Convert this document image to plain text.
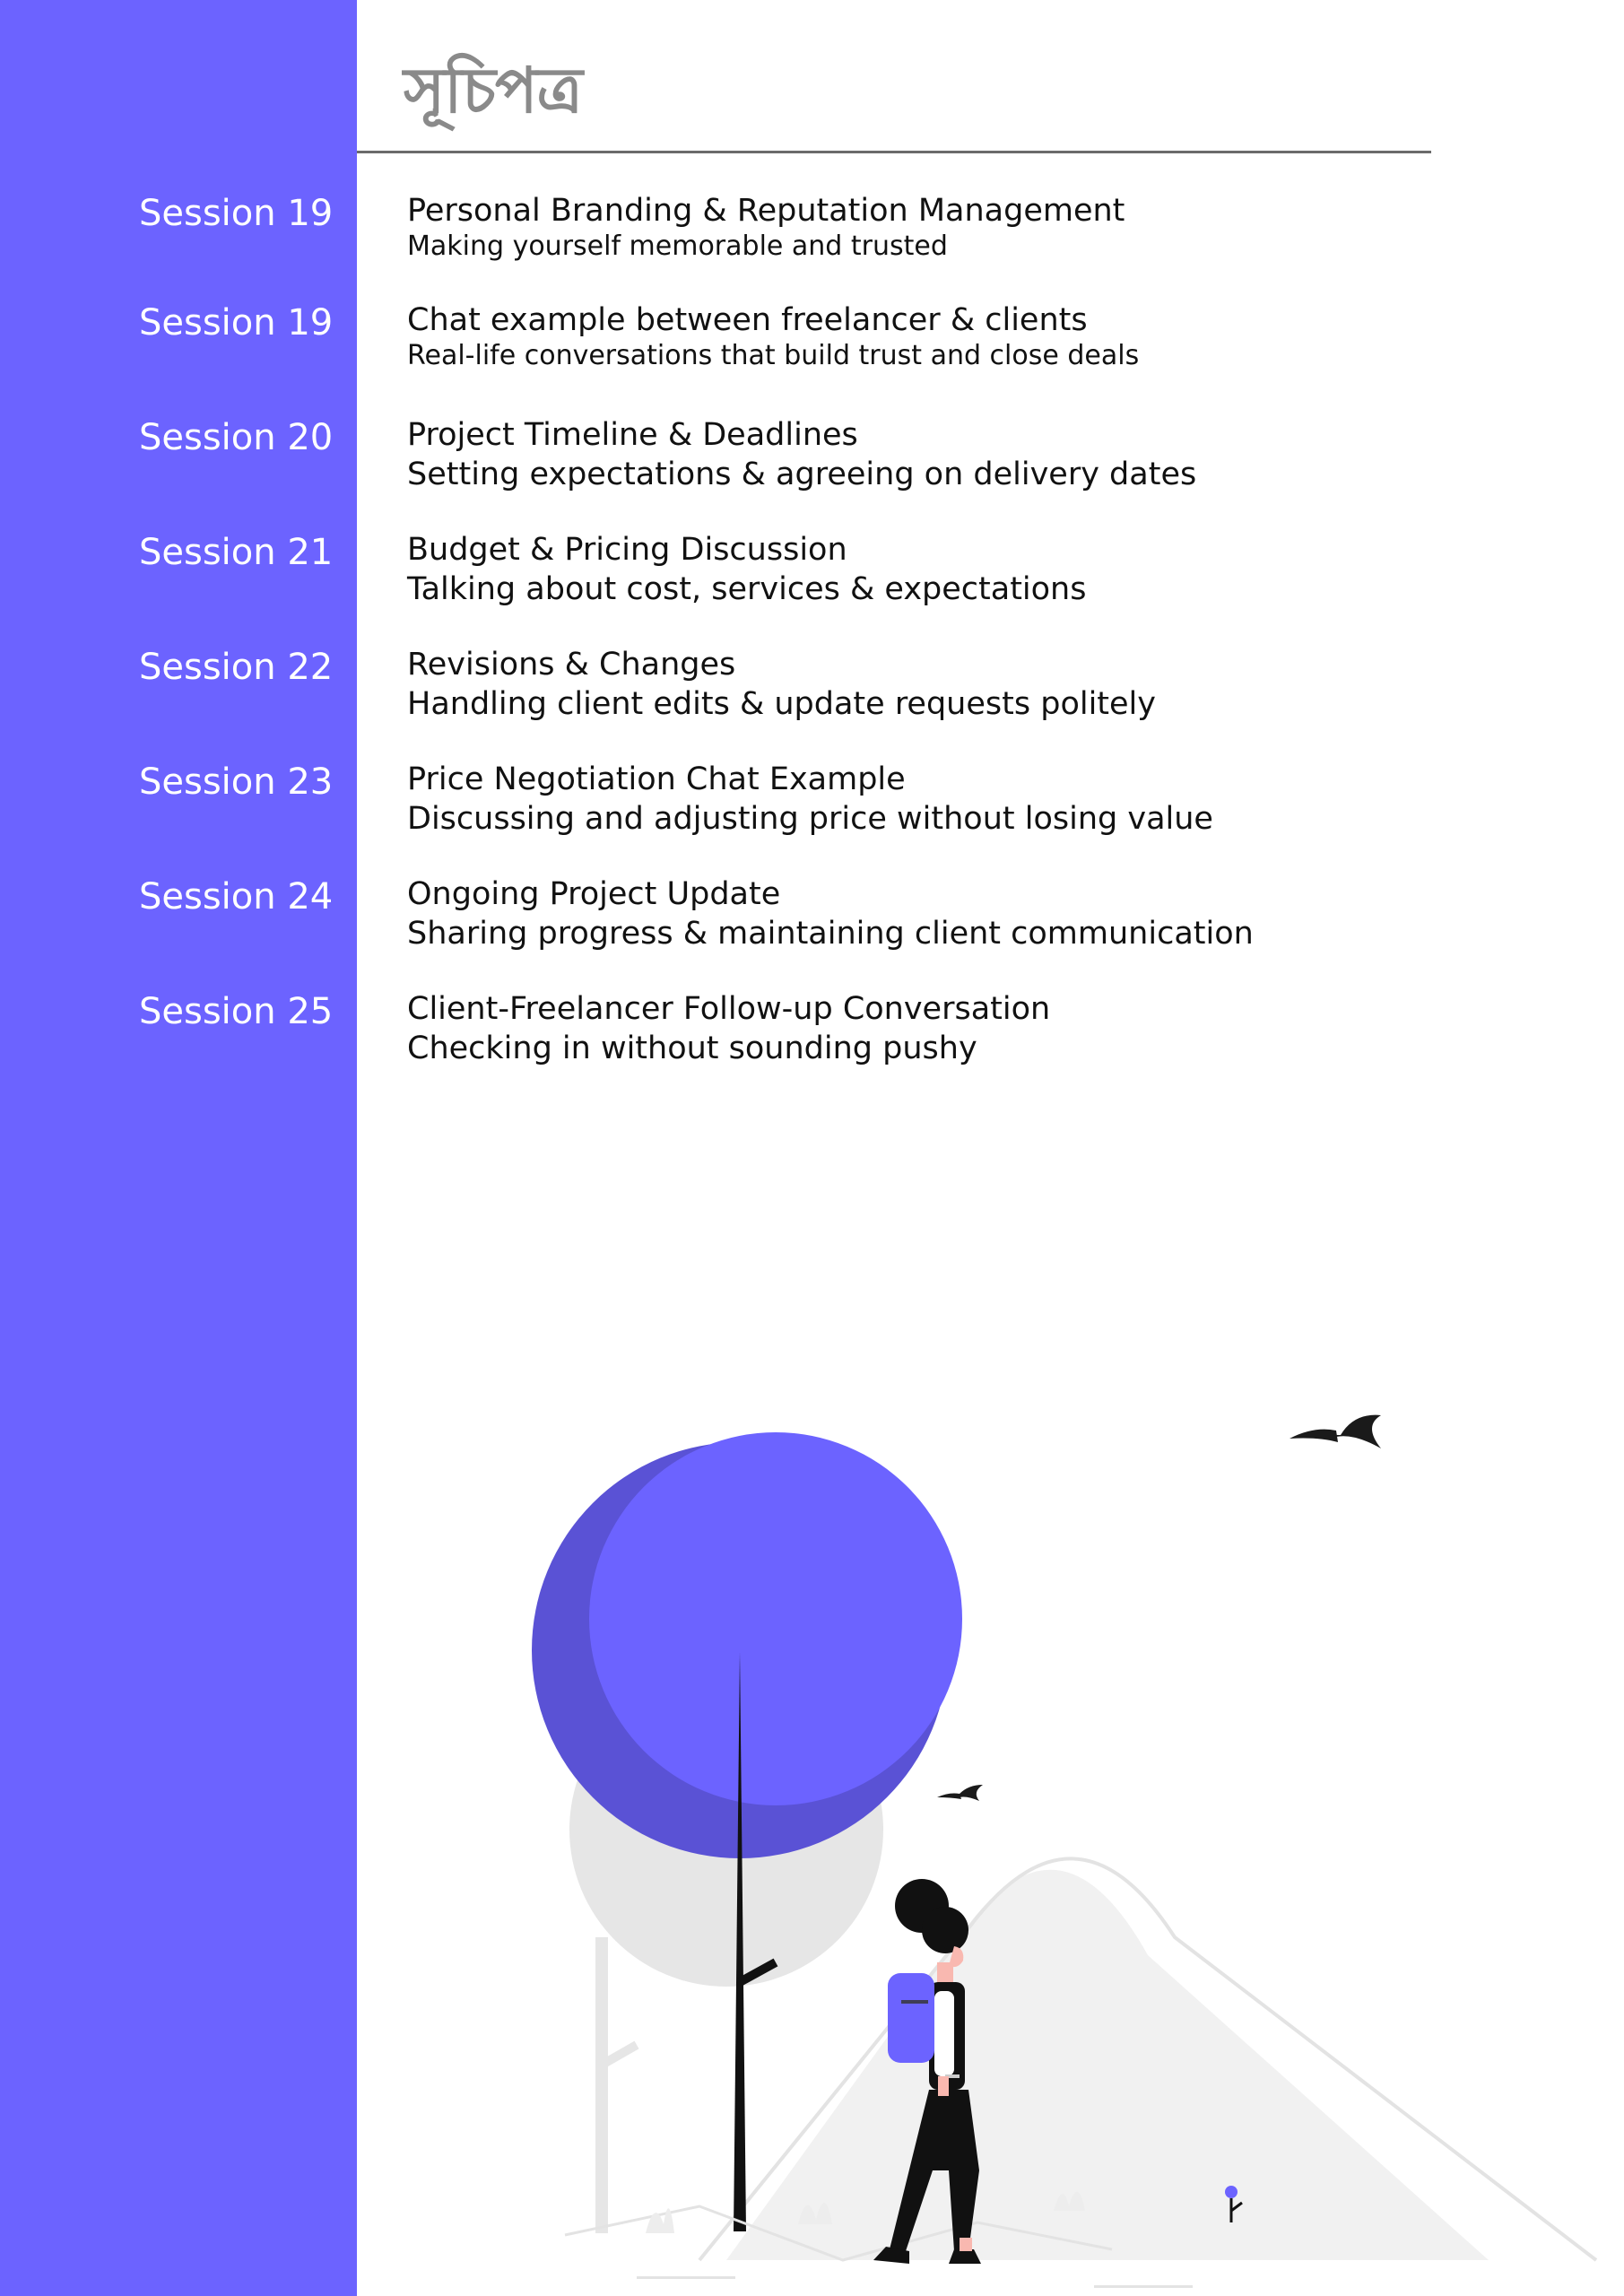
সূচিপত্র
Session 19 Personal Branding & Reputation Management
Making yourself memorable and trusted
Session 19 Chat example between freelancer & clients
Real-life conversations that build trust and close deals
Session 20 Project Timeline & Deadlines
Setting expectations & agreeing on delivery dates
Session 21 Budget & Pricing Discussion
Talking about cost, services & expectations
Session 22 Revisions & Changes
Handling client edits & update requests politely
Session 23 Price Negotiation Chat Example
Discussing and adjusting price without losing value
Session 24 Ongoing Project Update
Sharing progress & maintaining client communication
Session 25 Client-Freelancer Follow-up Conversation
Checking in without sounding pushy
